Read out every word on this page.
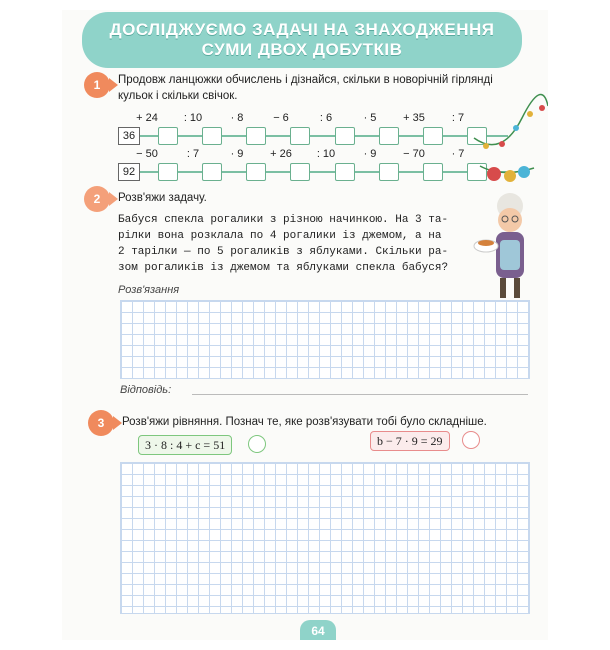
ДОСЛІДЖУЄМО ЗАДАЧІ НА ЗНАХОДЖЕННЯ
СУМИ ДВОХ ДОБУТКІВ
1 Продовж ланцюжки обчислень і дізнайся, скільки в новорічній гірлянді
кульок і скільки свічок.
36
+ 24	: 10	· 8	− 6	: 6	· 5	+ 35	: 7
92
− 50	: 7	· 9	+ 26	: 10	· 9	− 70	· 7
2 Розв'яжи задачу.
Бабуся спекла рогалики з різною начинкою. На 3 та-
рілки вона розклала по 4 рогалики із джемом, а на
2 тарілки — по 5 рогаликів з яблуками. Скільки ра-
зом рогаликів із джемом та яблуками спекла бабуся?
Розв'язання
Відповідь:
3 Розв'яжи рівняння. Познач те, яке розв'язувати тобі було складніше.
3 · 8 : 4 + c = 51	b − 7 · 9 = 29
64
